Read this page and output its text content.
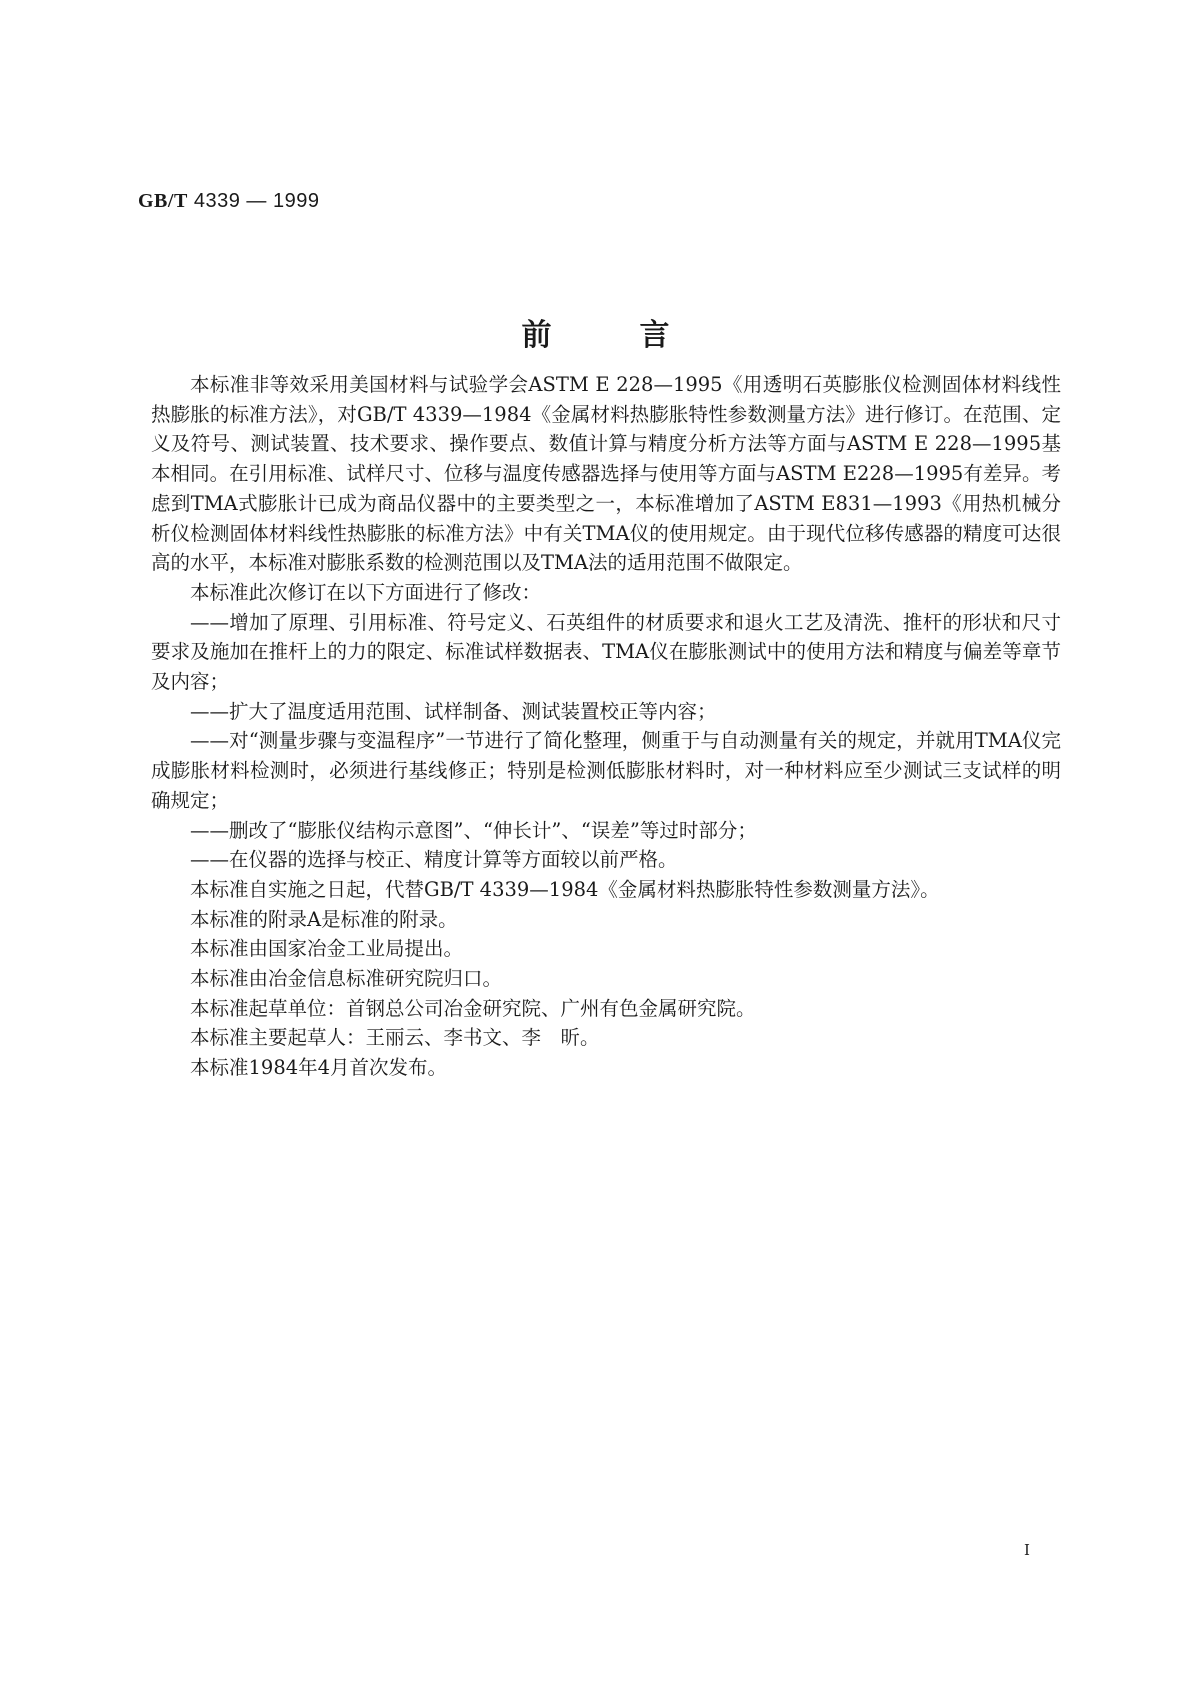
GB/T 4339 — 1999
前言

本标准非等效采用美国材料与试验学会ASTM E 228—1995《用透明石英膨胀仪检测固体材料线性热膨胀的标准方法》，对GB/T 4339—1984《金属材料热膨胀特性参数测量方法》进行修订。在范围、定义及符号、测试装置、技术要求、操作要点、数值计算与精度分析方法等方面与ASTM E 228—1995基本相同。在引用标准、试样尺寸、位移与温度传感器选择与使用等方面与ASTM E228—1995有差异。考虑到TMA式膨胀计已成为商品仪器中的主要类型之一，本标准增加了ASTM E831—1993《用热机械分析仪检测固体材料线性热膨胀的标准方法》中有关TMA仪的使用规定。由于现代位移传感器的精度可达很高的水平，本标准对膨胀系数的检测范围以及TMA法的适用范围不做限定。

本标准此次修订在以下方面进行了修改：

——增加了原理、引用标准、符号定义、石英组件的材质要求和退火工艺及清洗、推杆的形状和尺寸要求及施加在推杆上的力的限定、标准试样数据表、TMA仪在膨胀测试中的使用方法和精度与偏差等章节及内容；

——扩大了温度适用范围、试样制备、测试装置校正等内容；

——对“测量步骤与变温程序”一节进行了简化整理，侧重于与自动测量有关的规定，并就用TMA仪完成膨胀材料检测时，必须进行基线修正；特别是检测低膨胀材料时，对一种材料应至少测试三支试样的明确规定；

——删改了“膨胀仪结构示意图”、“伸长计”、“误差”等过时部分；

——在仪器的选择与校正、精度计算等方面较以前严格。

本标准自实施之日起，代替GB/T 4339—1984《金属材料热膨胀特性参数测量方法》。

本标准的附录A是标准的附录。

本标准由国家冶金工业局提出。

本标准由冶金信息标准研究院归口。

本标准起草单位：首钢总公司冶金研究院、广州有色金属研究院。

本标准主要起草人：王丽云、李书文、李　昕。

本标准1984年4月首次发布。

I
